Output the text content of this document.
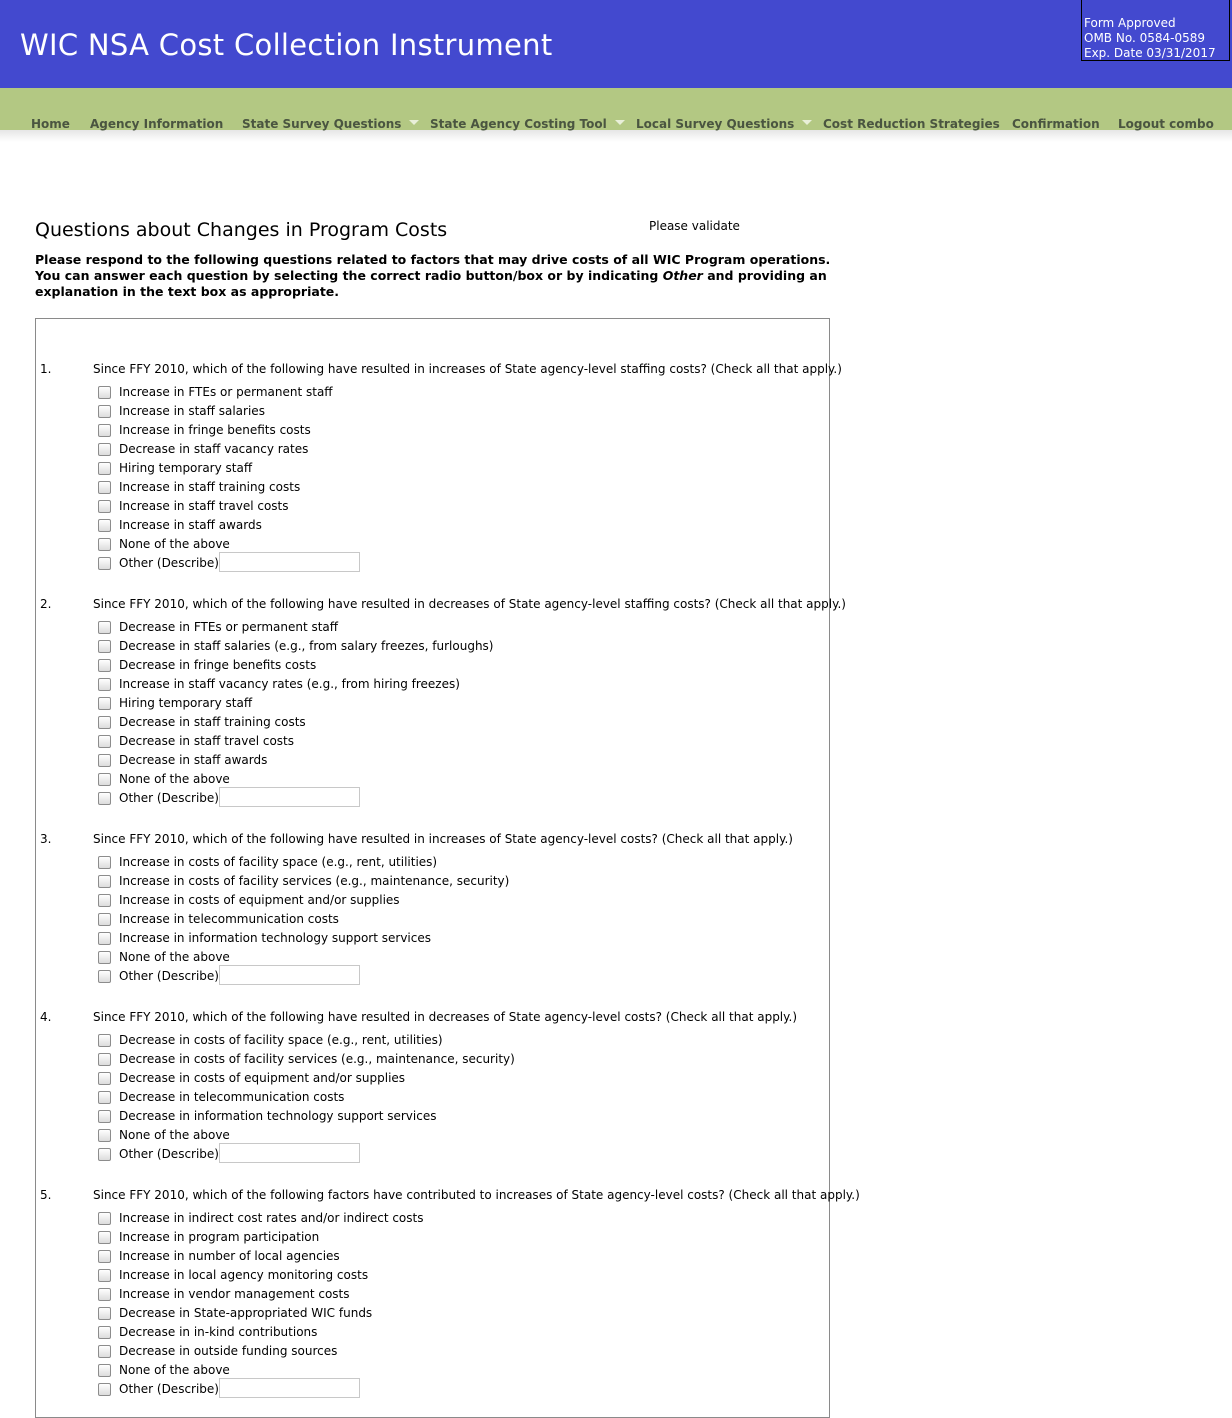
WIC NSA Cost Collection Instrument
Form Approved
OMB No. 0584-0589
Exp. Date 03/31/2017
Home Agency Information State Survey Questions	State Agency Costing Tool	Local Survey Questions	Cost Reduction Strategies Confirmation Logout combo
Questions about Changes in Program Costs	Please validate
Please respond to the following questions related to factors that may drive costs of all WIC Program operations. You can answer each question by selecting the correct radio button/box or by indicating Other and providing an explanation in the text box as appropriate.
1.	Since FFY 2010, which of the following have resulted in increases of State agency-level staffing costs? (Check all that apply.)
Increase in FTEs or permanent staff
Increase in staff salaries
Increase in fringe benefits costs
Decrease in staff vacancy rates
Hiring temporary staff
Increase in staff training costs
Increase in staff travel costs
Increase in staff awards
None of the above
Other (Describe)
2.	Since FFY 2010, which of the following have resulted in decreases of State agency-level staffing costs? (Check all that apply.)
Decrease in FTEs or permanent staff
Decrease in staff salaries (e.g., from salary freezes, furloughs)
Decrease in fringe benefits costs
Increase in staff vacancy rates (e.g., from hiring freezes)
Hiring temporary staff
Decrease in staff training costs
Decrease in staff travel costs
Decrease in staff awards
None of the above
Other (Describe)
3.	Since FFY 2010, which of the following have resulted in increases of State agency-level costs? (Check all that apply.)
Increase in costs of facility space (e.g., rent, utilities)
Increase in costs of facility services (e.g., maintenance, security)
Increase in costs of equipment and/or supplies
Increase in telecommunication costs
Increase in information technology support services
None of the above
Other (Describe)
4.	Since FFY 2010, which of the following have resulted in decreases of State agency-level costs? (Check all that apply.)
Decrease in costs of facility space (e.g., rent, utilities)
Decrease in costs of facility services (e.g., maintenance, security)
Decrease in costs of equipment and/or supplies
Decrease in telecommunication costs
Decrease in information technology support services
None of the above
Other (Describe)
5.	Since FFY 2010, which of the following factors have contributed to increases of State agency-level costs? (Check all that apply.)
Increase in indirect cost rates and/or indirect costs
Increase in program participation
Increase in number of local agencies
Increase in local agency monitoring costs
Increase in vendor management costs
Decrease in State-appropriated WIC funds
Decrease in in-kind contributions
Decrease in outside funding sources
None of the above
Other (Describe)
